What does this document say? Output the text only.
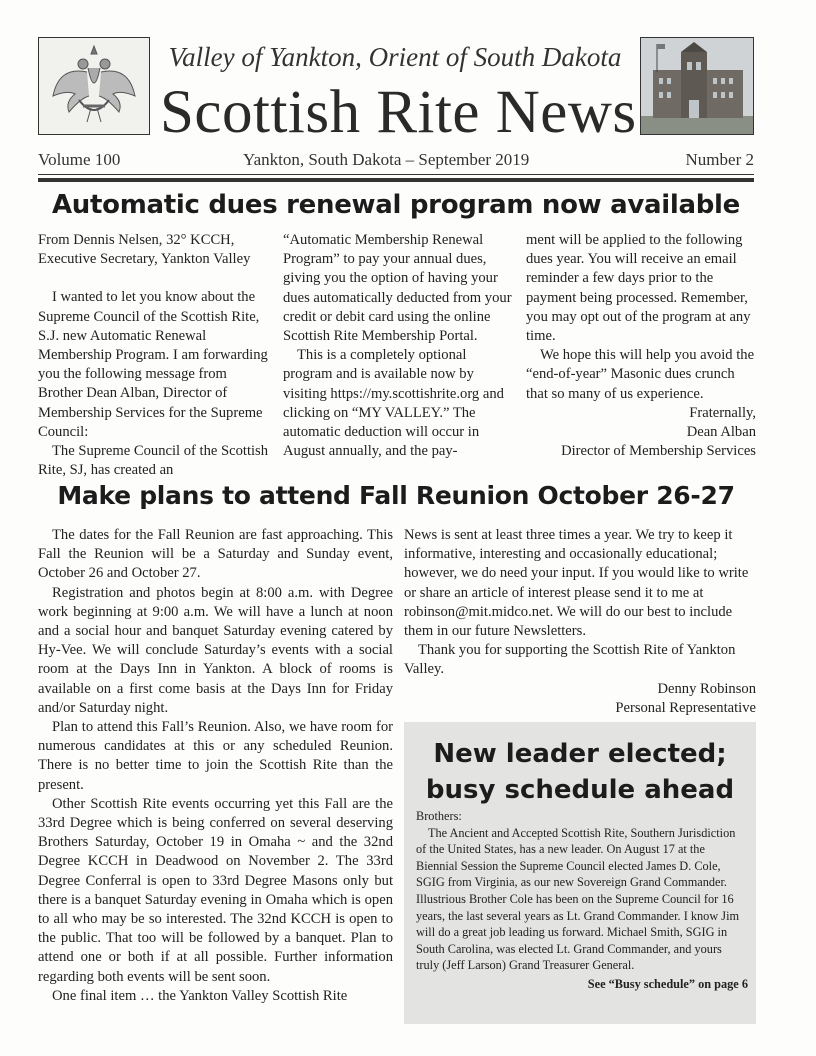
Valley of Yankton, Orient of South Dakota
Scottish Rite News
Volume 100	Yankton, South Dakota – September 2019	Number 2
Automatic dues renewal program now available

From Dennis Nelsen, 32° KCCH,

Executive Secretary, Yankton Valley

I wanted to let you know about the Supreme Council of the Scottish Rite, S.J. new Automatic Renewal Membership Program. I am forwarding you the following message from Brother Dean Alban, Director of Membership Services for the Supreme Council:

The Supreme Council of the Scottish Rite, SJ, has created an

“Automatic Membership Renewal Program” to pay your annual dues, giving you the option of having your dues automatically deducted from your credit or debit card using the online Scottish Rite Membership Portal.

This is a completely optional program and is available now by visiting https://my.scottishrite.org and clicking on “MY VALLEY.” The automatic deduction will occur in August annually, and the pay-

ment will be applied to the following dues year. You will receive an email reminder a few days prior to the payment being processed. Remember, you may opt out of the program at any time.

We hope this will help you avoid the “end-of-year” Masonic dues crunch that so many of us experience.

Fraternally,

Dean Alban

Director of Membership Services

Make plans to attend Fall Reunion October 26-27

The dates for the Fall Reunion are fast approaching. This Fall the Reunion will be a Saturday and Sunday event, October 26 and October 27.

Registration and photos begin at 8:00 a.m. with Degree work beginning at 9:00 a.m. We will have a lunch at noon and a social hour and banquet Saturday evening catered by Hy-Vee. We will conclude Saturday’s events with a social room at the Days Inn in Yankton. A block of rooms is available on a first come basis at the Days Inn for Friday and/or Saturday night.

Plan to attend this Fall’s Reunion. Also, we have room for numerous candidates at this or any scheduled Reunion. There is no better time to join the Scottish Rite than the present.

Other Scottish Rite events occurring yet this Fall are the 33rd Degree which is being conferred on several deserving Brothers Saturday, October 19 in Omaha ~ and the 32nd Degree KCCH in Deadwood on November 2. The 33rd Degree Conferral is open to 33rd Degree Masons only but there is a banquet Saturday evening in Omaha which is open to all who may be so interested. The 32nd KCCH is open to the public. That too will be followed by a banquet. Plan to attend one or both if at all possible. Further information regarding both events will be sent soon.

One final item … the Yankton Valley Scottish Rite

News is sent at least three times a year. We try to keep it informative, interesting and occasionally educational; however, we do need your input. If you would like to write or share an article of interest please send it to me at robinson@mit.midco.net. We will do our best to include them in our future Newsletters.

Thank you for supporting the Scottish Rite of Yankton Valley.

Denny Robinson

Personal Representative

New leader elected;
busy schedule ahead

Brothers:

The Ancient and Accepted Scottish Rite, Southern Jurisdiction of the United States, has a new leader. On August 17 at the Biennial Session the Supreme Council elected James D. Cole, SGIG from Virginia, as our new Sovereign Grand Commander. Illustrious Brother Cole has been on the Supreme Council for 16 years, the last several years as Lt. Grand Commander. I know Jim will do a great job leading us forward. Michael Smith, SGIG in South Carolina, was elected Lt. Grand Commander, and yours truly (Jeff Larson) Grand Treasurer General.

See “Busy schedule” on page 6
